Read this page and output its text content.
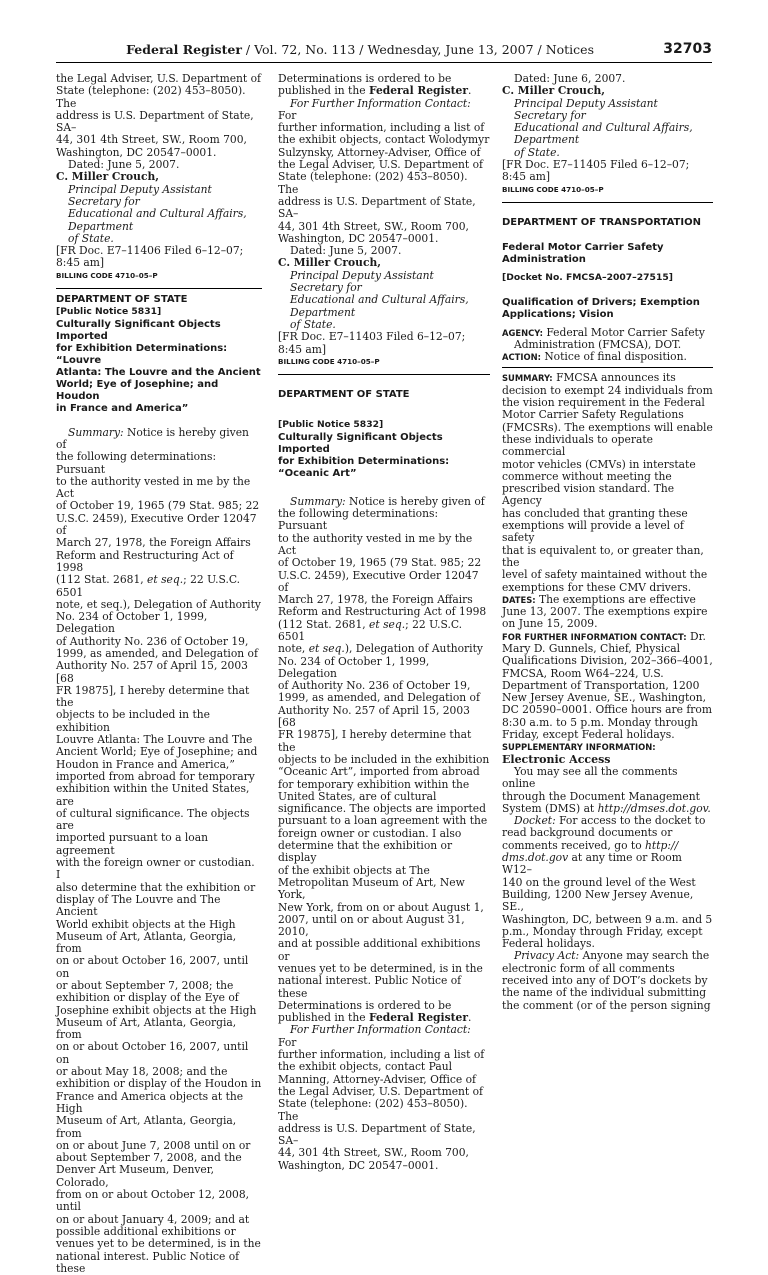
Federal Register / Vol. 72, No. 113 / Wednesday, June 13, 2007 / Notices	32703

the Legal Adviser, U.S. Department of

State (telephone: (202) 453–8050). The

address is U.S. Department of State, SA–

44, 301 4th Street, SW., Room 700,

Washington, DC 20547–0001.

Dated: June 5, 2007.

C. Miller Crouch,

Principal Deputy Assistant Secretary for

Educational and Cultural Affairs, Department

of State.

[FR Doc. E7–11406 Filed 6–12–07; 8:45 am]

BILLING CODE 4710–05–P

DEPARTMENT OF STATE

[Public Notice 5831]

Culturally Significant Objects Imported

for Exhibition Determinations: “Louvre

Atlanta: The Louvre and the Ancient

World; Eye of Josephine; and Houdon

in France and America”

Summary: Notice is hereby given of

the following determinations: Pursuant

to the authority vested in me by the Act

of October 19, 1965 (79 Stat. 985; 22

U.S.C. 2459), Executive Order 12047 of

March 27, 1978, the Foreign Affairs

Reform and Restructuring Act of 1998

(112 Stat. 2681, et seq.; 22 U.S.C. 6501

note, et seq.), Delegation of Authority

No. 234 of October 1, 1999, Delegation

of Authority No. 236 of October 19,

1999, as amended, and Delegation of

Authority No. 257 of April 15, 2003 [68

FR 19875], I hereby determine that the

objects to be included in the exhibition

Louvre Atlanta: The Louvre and The

Ancient World; Eye of Josephine; and

Houdon in France and America,”

imported from abroad for temporary

exhibition within the United States, are

of cultural significance. The objects are

imported pursuant to a loan agreement

with the foreign owner or custodian. I

also determine that the exhibition or

display of The Louvre and The Ancient

World exhibit objects at the High

Museum of Art, Atlanta, Georgia, from

on or about October 16, 2007, until on

or about September 7, 2008; the

exhibition or display of the Eye of

Josephine exhibit objects at the High

Museum of Art, Atlanta, Georgia, from

on or about October 16, 2007, until on

or about May 18, 2008; and the

exhibition or display of the Houdon in

France and America objects at the High

Museum of Art, Atlanta, Georgia, from

on or about June 7, 2008 until on or

about September 7, 2008, and the

Denver Art Museum, Denver, Colorado,

from on or about October 12, 2008, until

on or about January 4, 2009; and at

possible additional exhibitions or

venues yet to be determined, is in the

national interest. Public Notice of these

Determinations is ordered to be

published in the Federal Register.

For Further Information Contact: For

further information, including a list of

the exhibit objects, contact Wolodymyr

Sulzynsky, Attorney-Adviser, Office of

the Legal Adviser, U.S. Department of

State (telephone: (202) 453–8050). The

address is U.S. Department of State, SA–

44, 301 4th Street, SW., Room 700,

Washington, DC 20547–0001.

Dated: June 5, 2007.

C. Miller Crouch,

Principal Deputy Assistant Secretary for

Educational and Cultural Affairs, Department

of State.

[FR Doc. E7–11403 Filed 6–12–07; 8:45 am]

BILLING CODE 4710–05–P

DEPARTMENT OF STATE

[Public Notice 5832]

Culturally Significant Objects Imported

for Exhibition Determinations:

“Oceanic Art”

Summary: Notice is hereby given of

the following determinations: Pursuant

to the authority vested in me by the Act

of October 19, 1965 (79 Stat. 985; 22

U.S.C. 2459), Executive Order 12047 of

March 27, 1978, the Foreign Affairs

Reform and Restructuring Act of 1998

(112 Stat. 2681, et seq.; 22 U.S.C. 6501

note, et seq.), Delegation of Authority

No. 234 of October 1, 1999, Delegation

of Authority No. 236 of October 19,

1999, as amended, and Delegation of

Authority No. 257 of April 15, 2003 [68

FR 19875], I hereby determine that the

objects to be included in the exhibition

“Oceanic Art”, imported from abroad

for temporary exhibition within the

United States, are of cultural

significance. The objects are imported

pursuant to a loan agreement with the

foreign owner or custodian. I also

determine that the exhibition or display

of the exhibit objects at The

Metropolitan Museum of Art, New York,

New York, from on or about August 1,

2007, until on or about August 31, 2010,

and at possible additional exhibitions or

venues yet to be determined, is in the

national interest. Public Notice of these

Determinations is ordered to be

published in the Federal Register.

For Further Information Contact: For

further information, including a list of

the exhibit objects, contact Paul

Manning, Attorney-Adviser, Office of

the Legal Adviser, U.S. Department of

State (telephone: (202) 453–8050). The

address is U.S. Department of State, SA–

44, 301 4th Street, SW., Room 700,

Washington, DC 20547–0001.

Dated: June 6, 2007.

C. Miller Crouch,

Principal Deputy Assistant Secretary for

Educational and Cultural Affairs, Department

of State.

[FR Doc. E7–11405 Filed 6–12–07; 8:45 am]

BILLING CODE 4710–05–P

DEPARTMENT OF TRANSPORTATION

Federal Motor Carrier Safety

Administration

[Docket No. FMCSA–2007–27515]

Qualification of Drivers; Exemption

Applications; Vision

AGENCY: Federal Motor Carrier Safety

Administration (FMCSA), DOT.

ACTION: Notice of final disposition.

SUMMARY: FMCSA announces its

decision to exempt 24 individuals from

the vision requirement in the Federal

Motor Carrier Safety Regulations

(FMCSRs). The exemptions will enable

these individuals to operate commercial

motor vehicles (CMVs) in interstate

commerce without meeting the

prescribed vision standard. The Agency

has concluded that granting these

exemptions will provide a level of safety

that is equivalent to, or greater than, the

level of safety maintained without the

exemptions for these CMV drivers.

DATES: The exemptions are effective

June 13, 2007. The exemptions expire

on June 15, 2009.

FOR FURTHER INFORMATION CONTACT: Dr.

Mary D. Gunnels, Chief, Physical

Qualifications Division, 202–366–4001,

FMCSA, Room W64–224, U.S.

Department of Transportation, 1200

New Jersey Avenue, SE., Washington,

DC 20590–0001. Office hours are from

8:30 a.m. to 5 p.m. Monday through

Friday, except Federal holidays.

SUPPLEMENTARY INFORMATION:

Electronic Access

You may see all the comments online

through the Document Management

System (DMS) at http://dmses.dot.gov.

Docket: For access to the docket to

read background documents or

comments received, go to http://

dms.dot.gov at any time or Room W12–

140 on the ground level of the West

Building, 1200 New Jersey Avenue, SE.,

Washington, DC, between 9 a.m. and 5

p.m., Monday through Friday, except

Federal holidays.

Privacy Act: Anyone may search the

electronic form of all comments

received into any of DOT’s dockets by

the name of the individual submitting

the comment (or of the person signing
